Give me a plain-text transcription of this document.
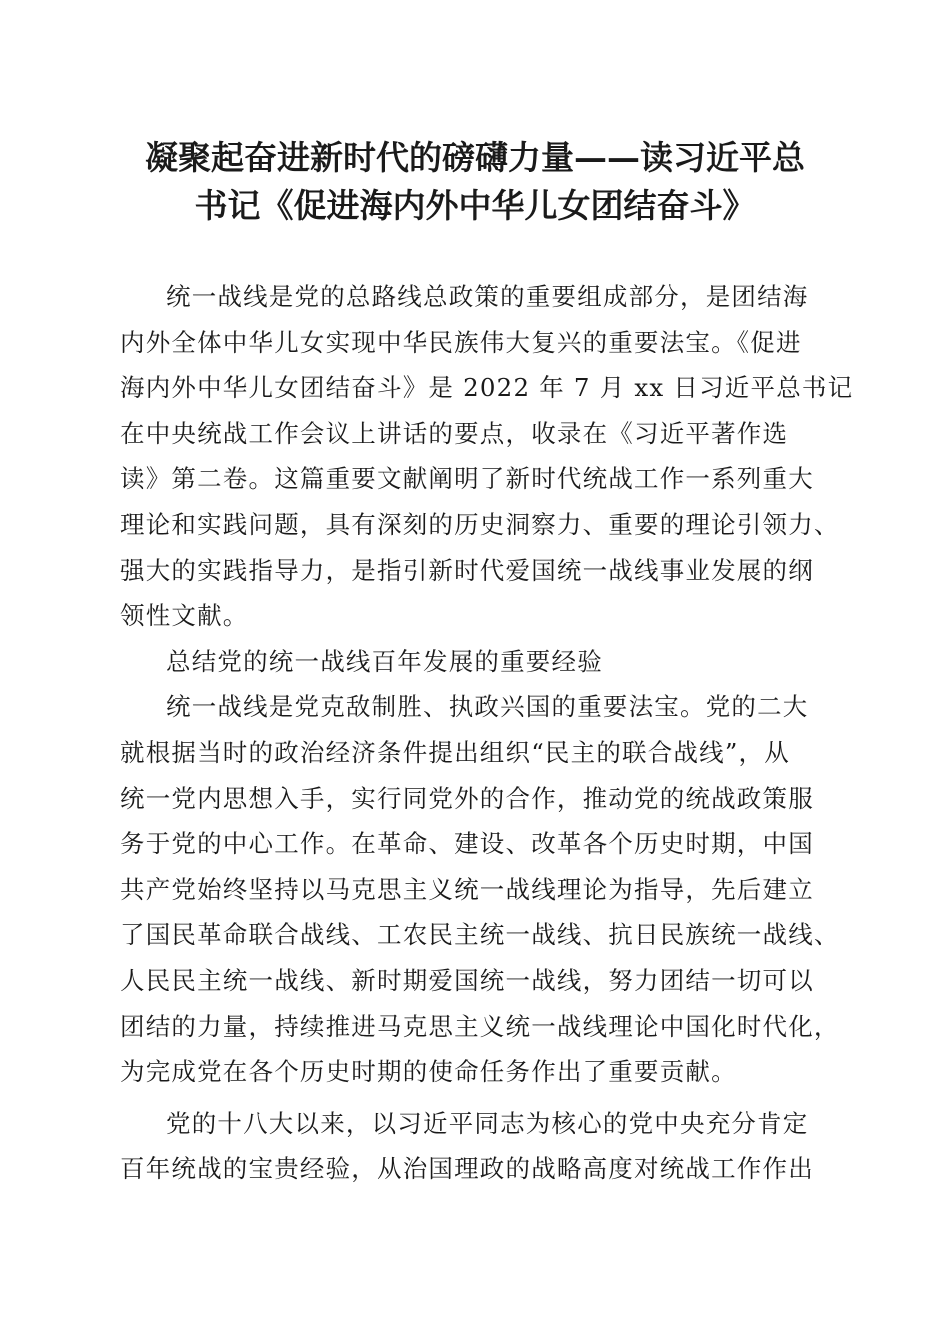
凝聚起奋进新时代的磅礴力量——读习近平总
书记《促进海内外中华儿女团结奋斗》
统一战线是党的总路线总政策的重要组成部分，是团结海
内外全体中华儿女实现中华民族伟大复兴的重要法宝。《促进
海内外中华儿女团结奋斗》是 2022 年 7 月 xx 日习近平总书记
在中央统战工作会议上讲话的要点，收录在《习近平著作选
读》第二卷。这篇重要文献阐明了新时代统战工作一系列重大
理论和实践问题，具有深刻的历史洞察力、重要的理论引领力、
强大的实践指导力，是指引新时代爱国统一战线事业发展的纲
领性文献。
总结党的统一战线百年发展的重要经验
统一战线是党克敌制胜、执政兴国的重要法宝。党的二大
就根据当时的政治经济条件提出组织“民主的联合战线”，从
统一党内思想入手，实行同党外的合作，推动党的统战政策服
务于党的中心工作。在革命、建设、改革各个历史时期，中国
共产党始终坚持以马克思主义统一战线理论为指导，先后建立
了国民革命联合战线、工农民主统一战线、抗日民族统一战线、
人民民主统一战线、新时期爱国统一战线，努力团结一切可以
团结的力量，持续推进马克思主义统一战线理论中国化时代化，
为完成党在各个历史时期的使命任务作出了重要贡献。
党的十八大以来，以习近平同志为核心的党中央充分肯定
百年统战的宝贵经验，从治国理政的战略高度对统战工作作出
